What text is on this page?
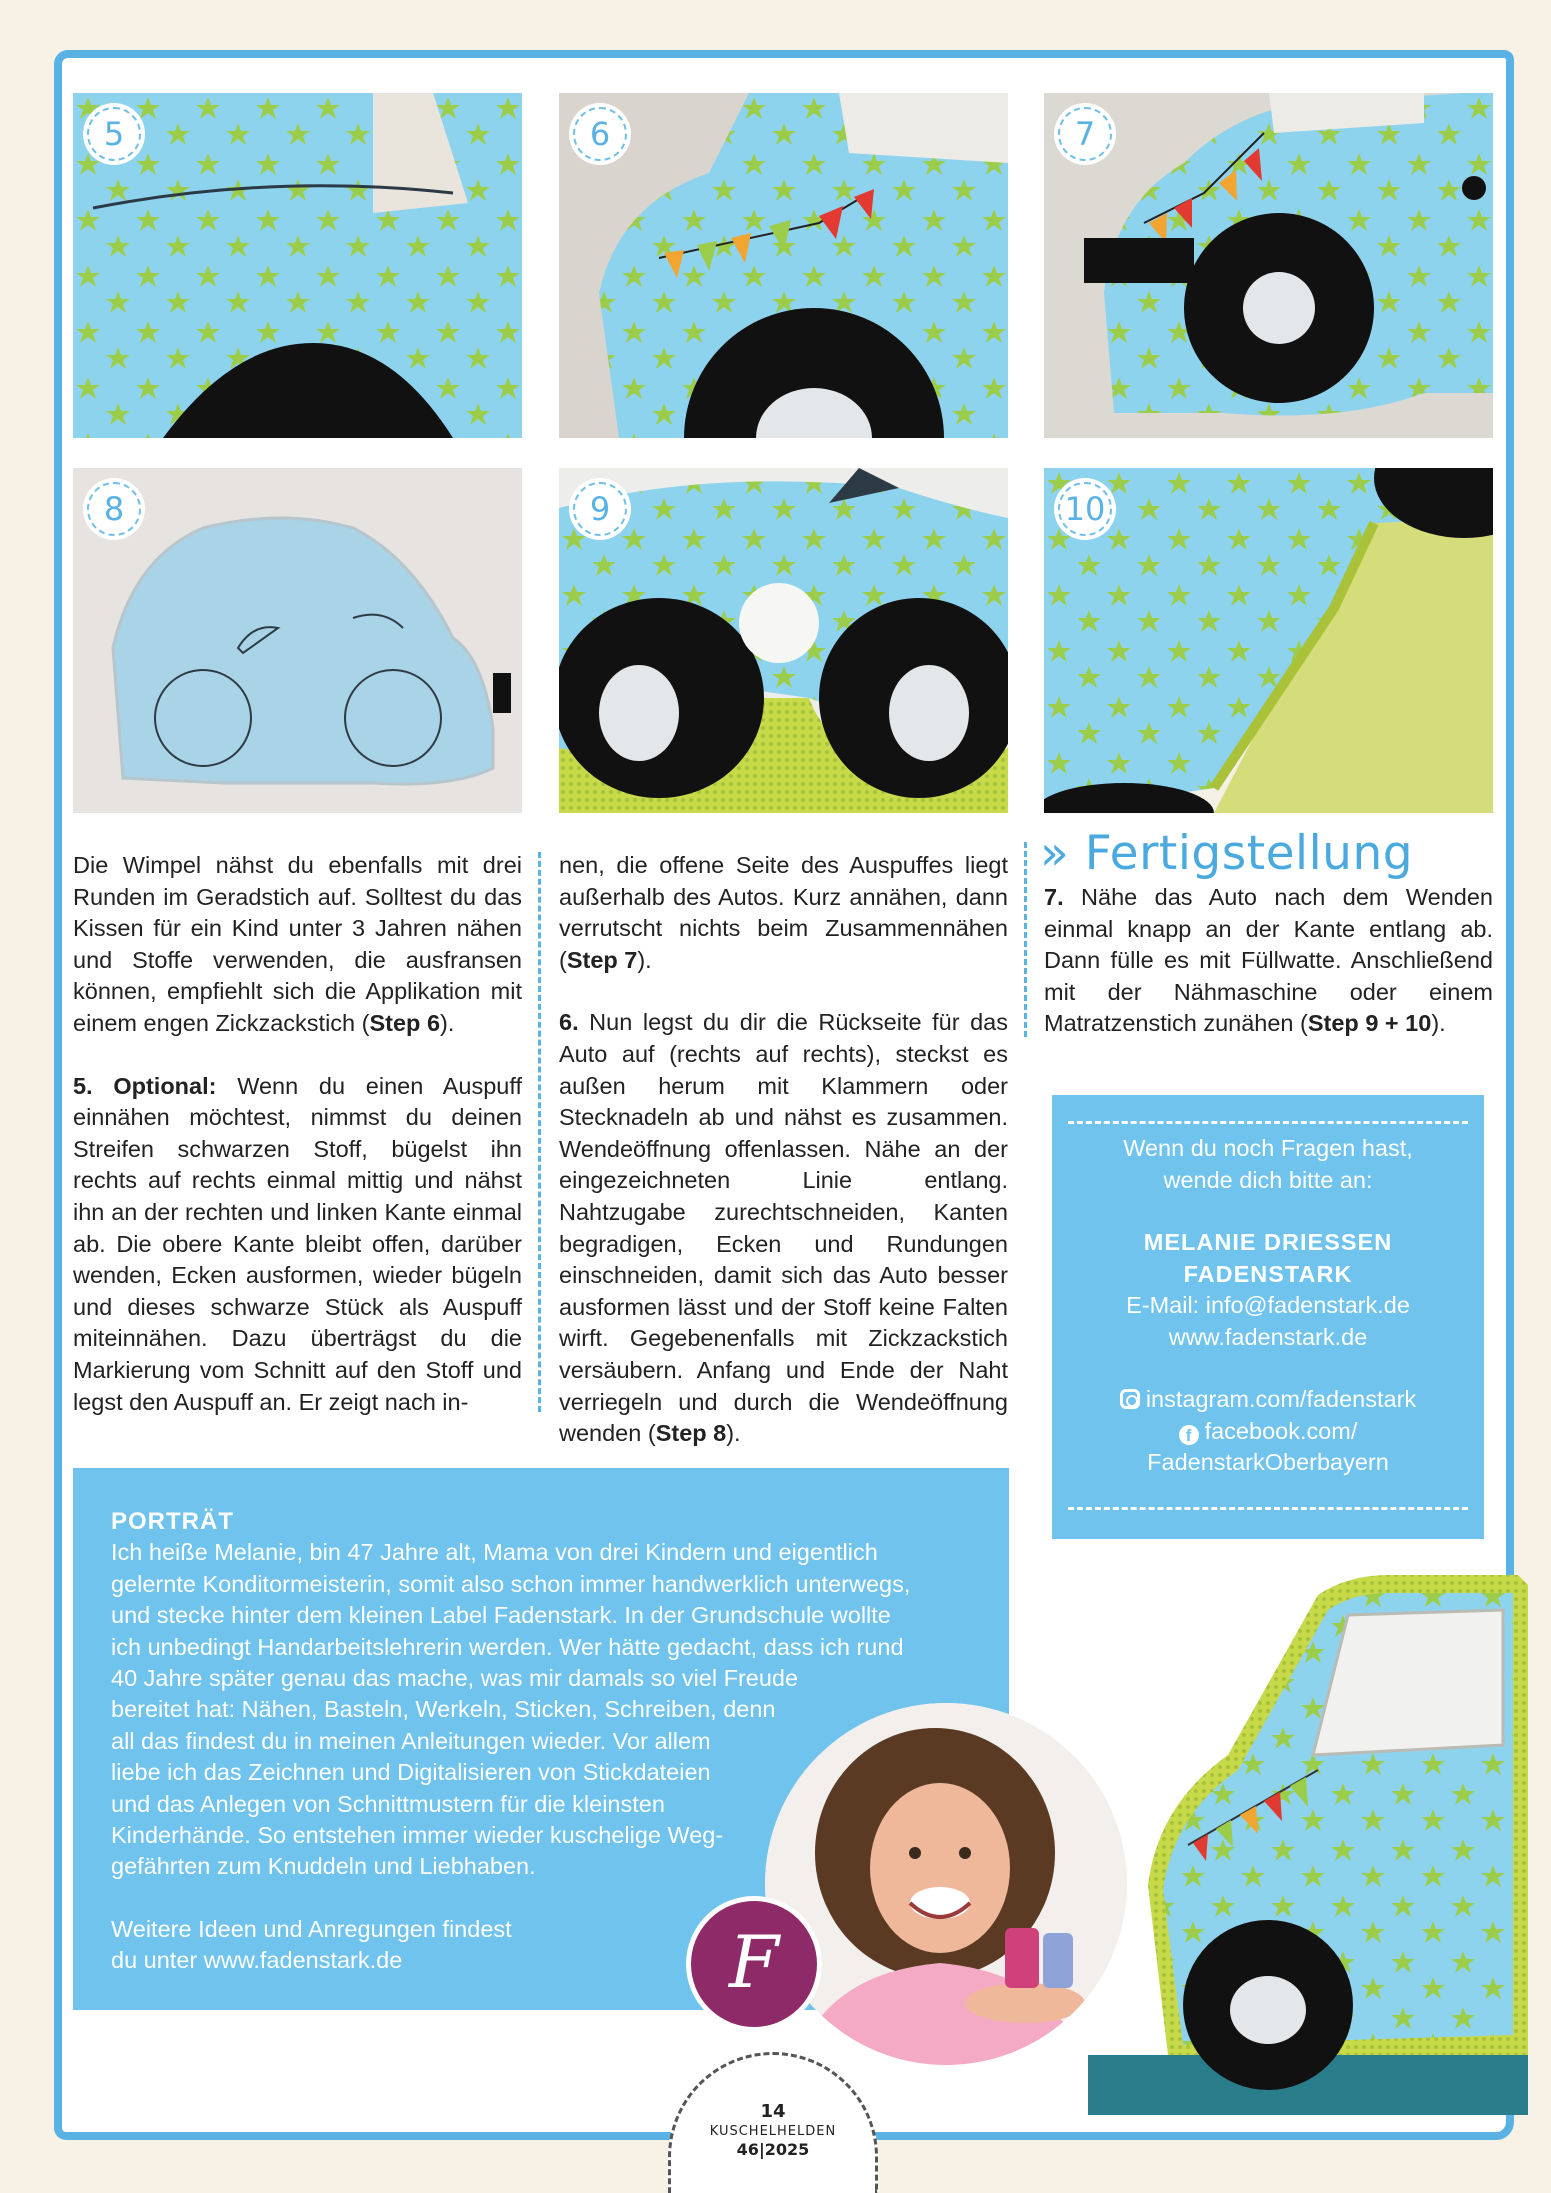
5	6	7
8	9	10

Die Wimpel nähst du ebenfalls mit drei Runden im Geradstich auf. Solltest du das Kissen für ein Kind unter 3 Jahren nähen und Stoffe verwenden, die ausfransen können, empfiehlt sich die Applikation mit einem engen Zickzackstich (Step 6).

5. Optional: Wenn du einen Auspuff einnähen möchtest, nimmst du deinen Streifen schwarzen Stoff, bügelst ihn rechts auf rechts einmal mittig und nähst ihn an der rechten und linken Kante einmal ab. Die obere Kante bleibt offen, darüber wenden, Ecken ausformen, wieder bügeln und dieses schwarze Stück als Auspuff miteinnähen. Dazu überträgst du die Markierung vom Schnitt auf den Stoff und legst den Auspuff an. Er zeigt nach in-

nen, die offene Seite des Auspuffes liegt außerhalb des Autos. Kurz annähen, dann verrutscht nichts beim Zusammennähen (Step 7).

6. Nun legst du dir die Rückseite für das Auto auf (rechts auf rechts), steckst es außen herum mit Klammern oder Stecknadeln ab und nähst es zusammen. Wendeöffnung offenlassen. Nähe an der eingezeichneten Linie entlang. Nahtzugabe zurechtschneiden, Kanten begradigen, Ecken und Rundungen einschneiden, damit sich das Auto besser ausformen lässt und der Stoff keine Falten wirft. Gegebenenfalls mit Zickzackstich versäubern. Anfang und Ende der Naht verriegeln und durch die Wendeöffnung wenden (Step 8).

» Fertigstellung

7. Nähe das Auto nach dem Wenden einmal knapp an der Kante entlang ab. Dann fülle es mit Füllwatte. Anschließend mit der Nähmaschine oder einem Matratzenstich zunähen (Step 9 + 10).

Wenn du noch Fragen hast,
wende dich bitte an:
MELANIE DRIESSEN
FADENSTARK
E-Mail: info@fadenstark.de
www.fadenstark.de
instagram.com/fadenstark
f facebook.com/
FadenstarkOberbayern
PORTRÄT
Ich heiße Melanie, bin 47 Jahre alt, Mama von drei Kindern und eigentlich
gelernte Konditormeisterin, somit also schon immer handwerklich unterwegs,
und stecke hinter dem kleinen Label Fadenstark. In der Grundschule wollte
ich unbedingt Handarbeitslehrerin werden. Wer hätte gedacht, dass ich rund
40 Jahre später genau das mache, was mir damals so viel Freude
bereitet hat: Nähen, Basteln, Werkeln, Sticken, Schreiben, denn
all das findest du in meinen Anleitungen wieder. Vor allem
liebe ich das Zeichnen und Digitalisieren von Stickdateien
und das Anlegen von Schnittmustern für die kleinsten
Kinderhände. So entstehen immer wieder kuschelige Weg-
gefährten zum Knuddeln und Liebhaben.
Weitere Ideen und Anregungen findest
du unter www.fadenstark.de	F
14
KUSCHELHELDEN
46|2025
